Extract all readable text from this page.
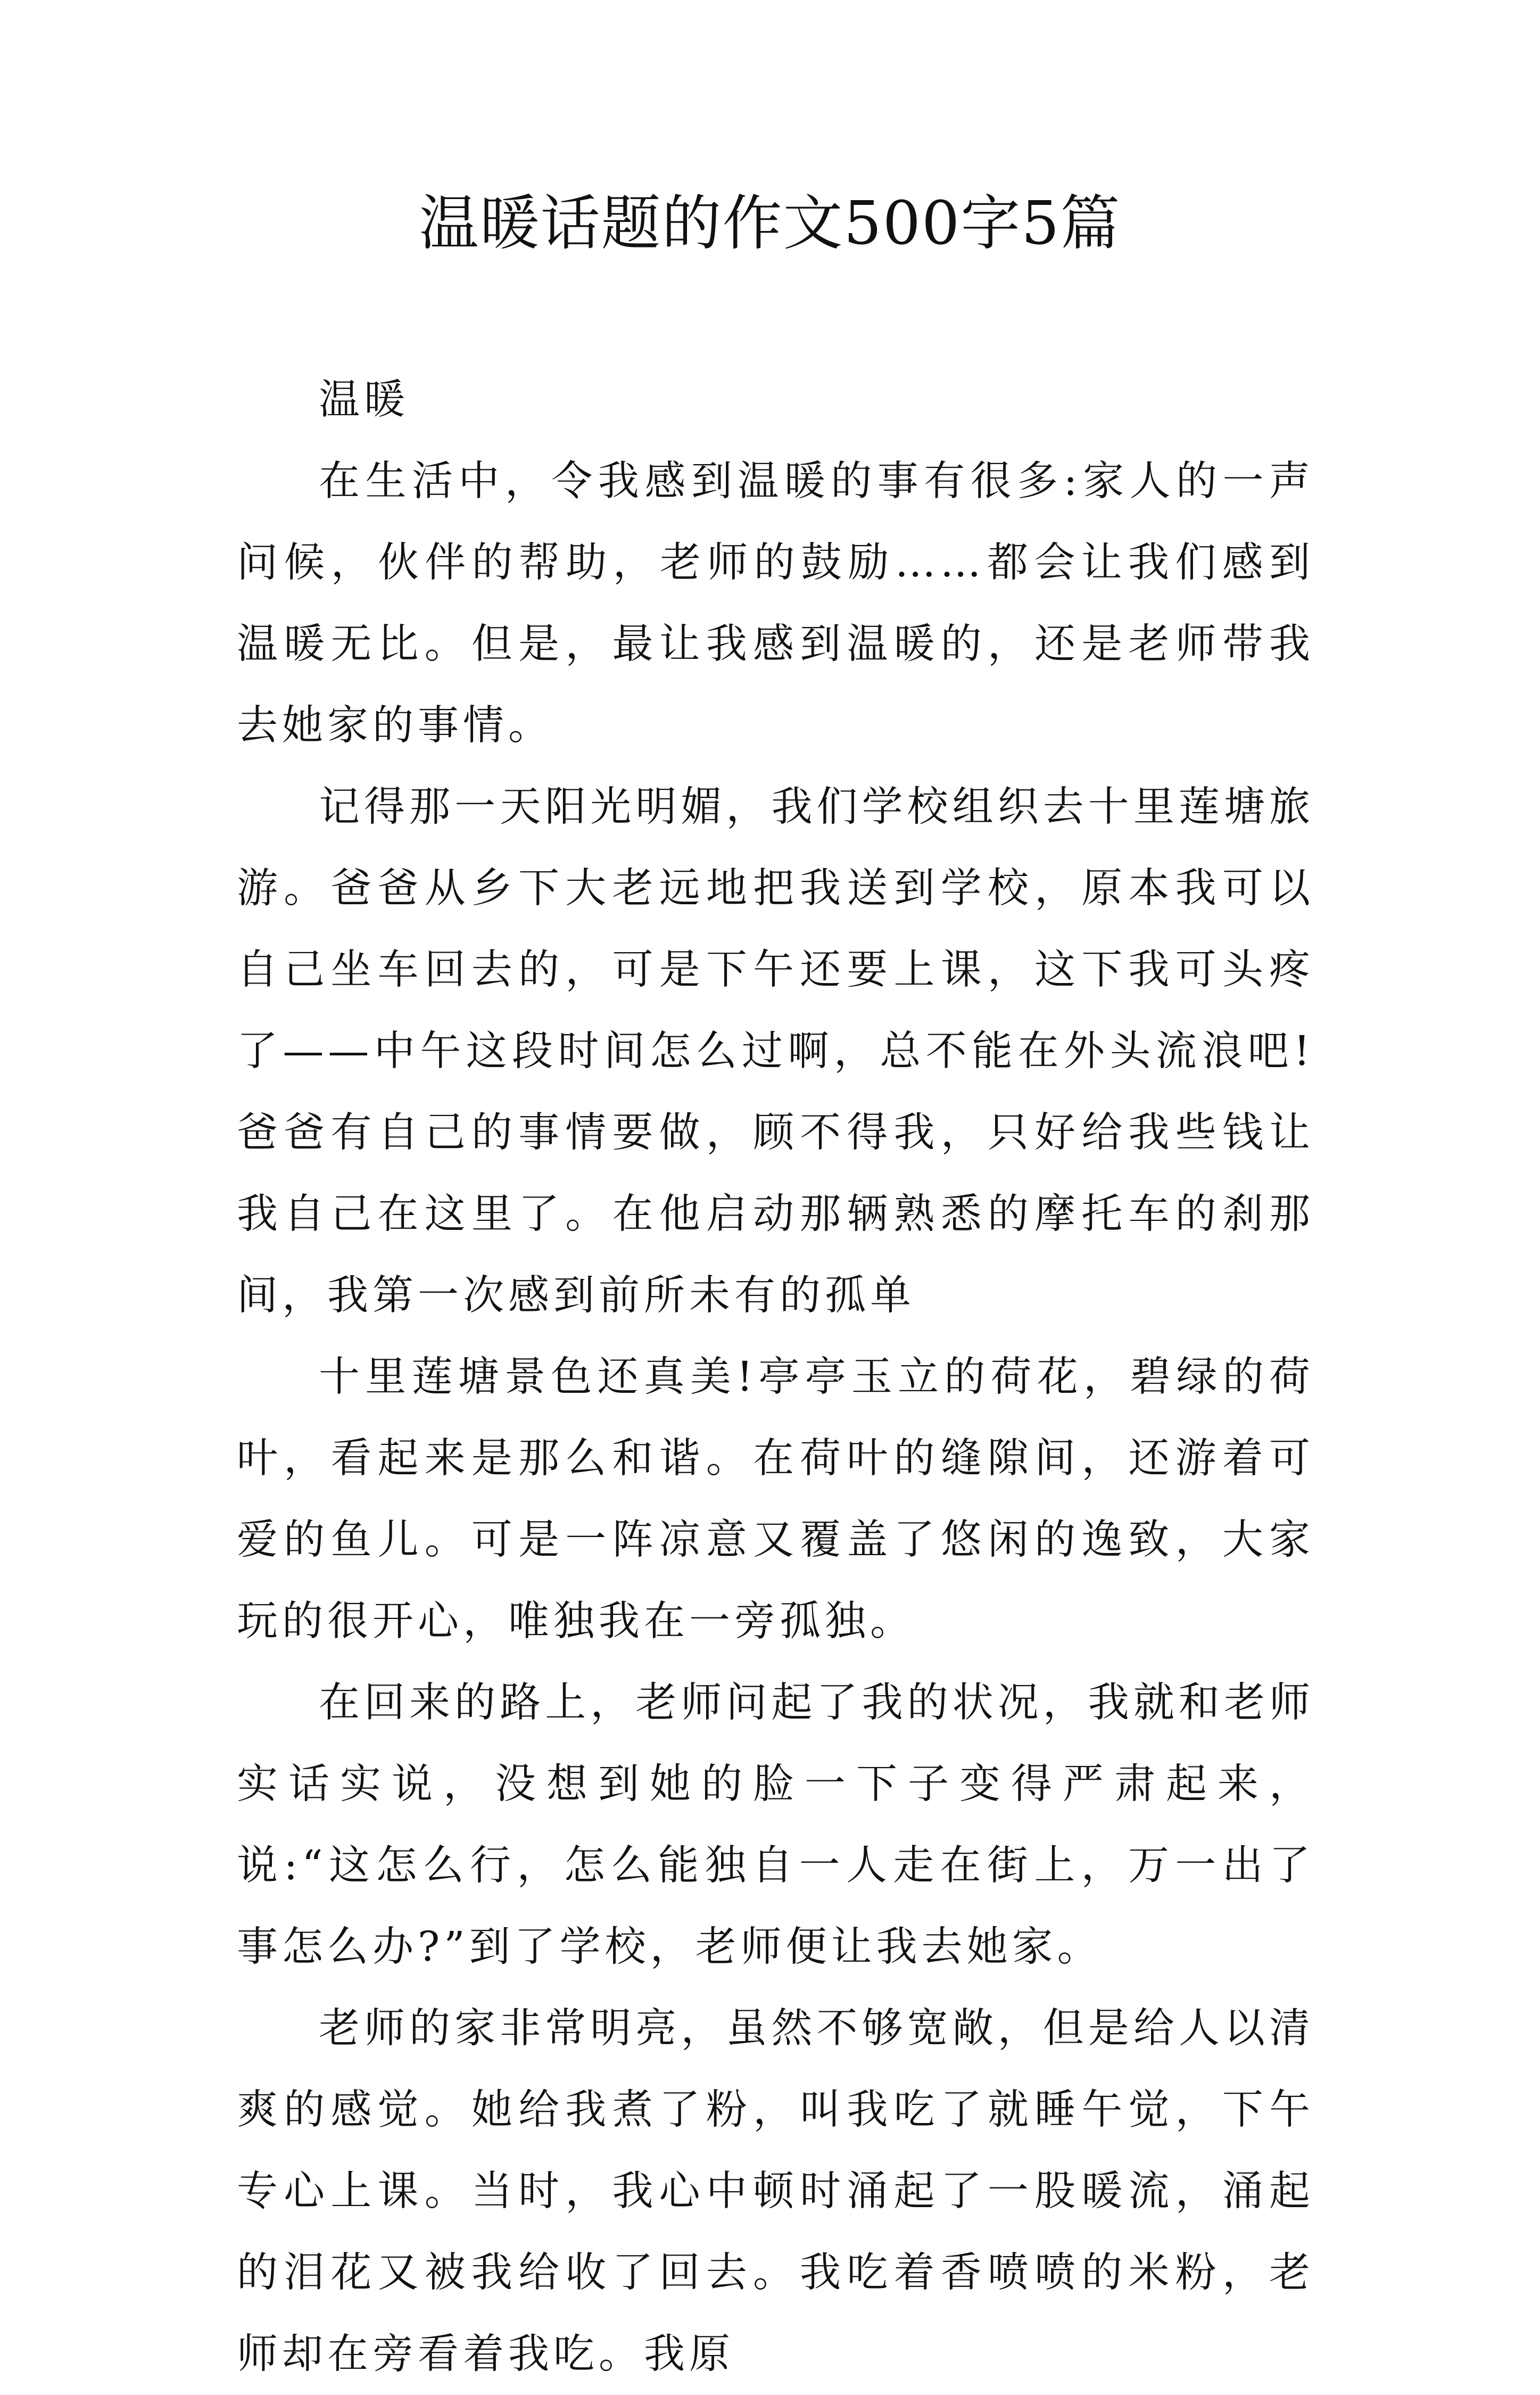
温暖话题的作文500字5篇

温暖

在生活中，令我感到温暖的事有很多:家人的一声问候，伙伴的帮助，老师的鼓励……都会让我们感到温暖无比。但是，最让我感到温暖的，还是老师带我去她家的事情。

记得那一天阳光明媚，我们学校组织去十里莲塘旅游。爸爸从乡下大老远地把我送到学校，原本我可以自己坐车回去的，可是下午还要上课，这下我可头疼了——中午这段时间怎么过啊，总不能在外头流浪吧!爸爸有自己的事情要做，顾不得我，只好给我些钱让我自己在这里了。在他启动那辆熟悉的摩托车的刹那间，我第一次感到前所未有的孤单

十里莲塘景色还真美!亭亭玉立的荷花，碧绿的荷叶，看起来是那么和谐。在荷叶的缝隙间，还游着可爱的鱼儿。可是一阵凉意又覆盖了悠闲的逸致，大家玩的很开心，唯独我在一旁孤独。

在回来的路上，老师问起了我的状况，我就和老师实话实说，没想到她的脸一下子变得严肃起来，说:“这怎么行，怎么能独自一人走在街上，万一出了事怎么办?”到了学校，老师便让我去她家。

老师的家非常明亮，虽然不够宽敞，但是给人以清爽的感觉。她给我煮了粉，叫我吃了就睡午觉，下午专心上课。当时，我心中顿时涌起了一股暖流，涌起的泪花又被我给收了回去。我吃着香喷喷的米粉，老师却在旁看着我吃。我原
